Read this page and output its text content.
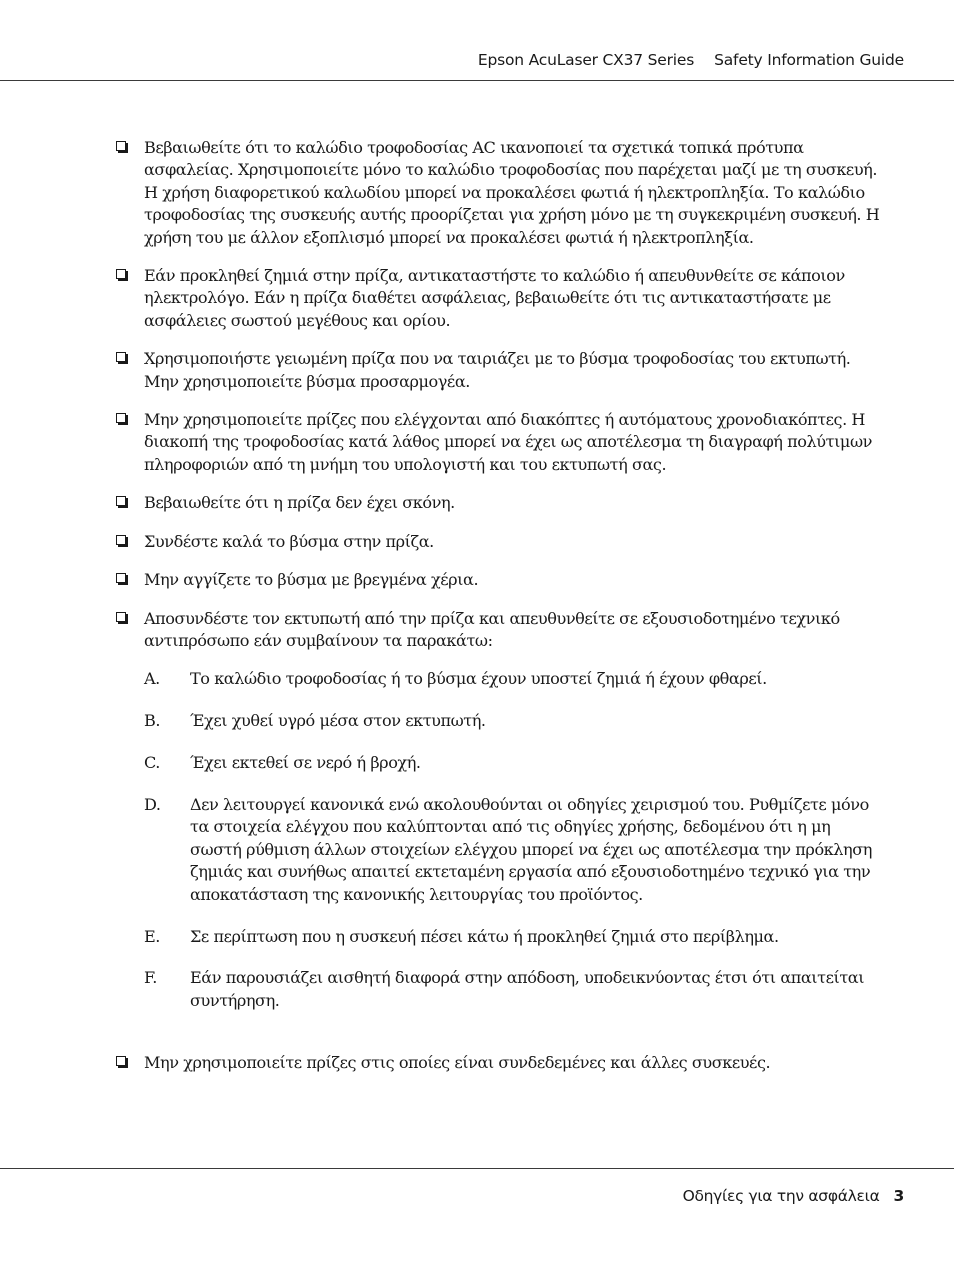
Epson AcuLaser CX37 Series Safety Information Guide
Βεβαιωθείτε ότι το καλώδιο τροφοδοσίας AC ικανοποιεί τα σχετικά τοπικά πρότυπα ασφαλείας. Χρησιμοποιείτε μόνο το καλώδιο τροφοδοσίας που παρέχεται μαζί με τη συσκευή. Η χρήση διαφορετικού καλωδίου μπορεί να προκαλέσει φωτιά ή ηλεκτροπληξία. Το καλώδιο τροφοδοσίας της συσκευής αυτής προορίζεται για χρήση μόνο με τη συγκεκριμένη συσκευή. Η χρήση του με άλλον εξοπλισμό μπορεί να προκαλέσει φωτιά ή ηλεκτροπληξία.
Εάν προκληθεί ζημιά στην πρίζα, αντικαταστήστε το καλώδιο ή απευθυνθείτε σε κάποιον ηλεκτρολόγο. Εάν η πρίζα διαθέτει ασφάλειας, βεβαιωθείτε ότι τις αντικαταστήσατε με ασφάλειες σωστού μεγέθους και ορίου.
Χρησιμοποιήστε γειωμένη πρίζα που να ταιριάζει με το βύσμα τροφοδοσίας του εκτυπωτή. Μην χρησιμοποιείτε βύσμα προσαρμογέα.
Μην χρησιμοποιείτε πρίζες που ελέγχονται από διακόπτες ή αυτόματους χρονοδιακόπτες. Η διακοπή της τροφοδοσίας κατά λάθος μπορεί να έχει ως αποτέλεσμα τη διαγραφή πολύτιμων πληροφοριών από τη μνήμη του υπολογιστή και του εκτυπωτή σας.
Βεβαιωθείτε ότι η πρίζα δεν έχει σκόνη.
Συνδέστε καλά το βύσμα στην πρίζα.
Μην αγγίζετε το βύσμα με βρεγμένα χέρια.
Αποσυνδέστε τον εκτυπωτή από την πρίζα και απευθυνθείτε σε εξουσιοδοτημένο τεχνικό αντιπρόσωπο εάν συμβαίνουν τα παρακάτω:
A. Το καλώδιο τροφοδοσίας ή το βύσμα έχουν υποστεί ζημιά ή έχουν φθαρεί.
B. Έχει χυθεί υγρό μέσα στον εκτυπωτή.
C. Έχει εκτεθεί σε νερό ή βροχή.
D. Δεν λειτουργεί κανονικά ενώ ακολουθούνται οι οδηγίες χειρισμού του. Ρυθμίζετε μόνο τα στοιχεία ελέγχου που καλύπτονται από τις οδηγίες χρήσης, δεδομένου ότι η μη σωστή ρύθμιση άλλων στοιχείων ελέγχου μπορεί να έχει ως αποτέλεσμα την πρόκληση ζημιάς και συνήθως απαιτεί εκτεταμένη εργασία από εξουσιοδοτημένο τεχνικό για την αποκατάσταση της κανονικής λειτουργίας του προϊόντος.
E. Σε περίπτωση που η συσκευή πέσει κάτω ή προκληθεί ζημιά στο περίβλημα.
F. Εάν παρουσιάζει αισθητή διαφορά στην απόδοση, υποδεικνύοντας έτσι ότι απαιτείται συντήρηση.
Μην χρησιμοποιείτε πρίζες στις οποίες είναι συνδεδεμένες και άλλες συσκευές.
Οδηγίες για την ασφάλεια 3
